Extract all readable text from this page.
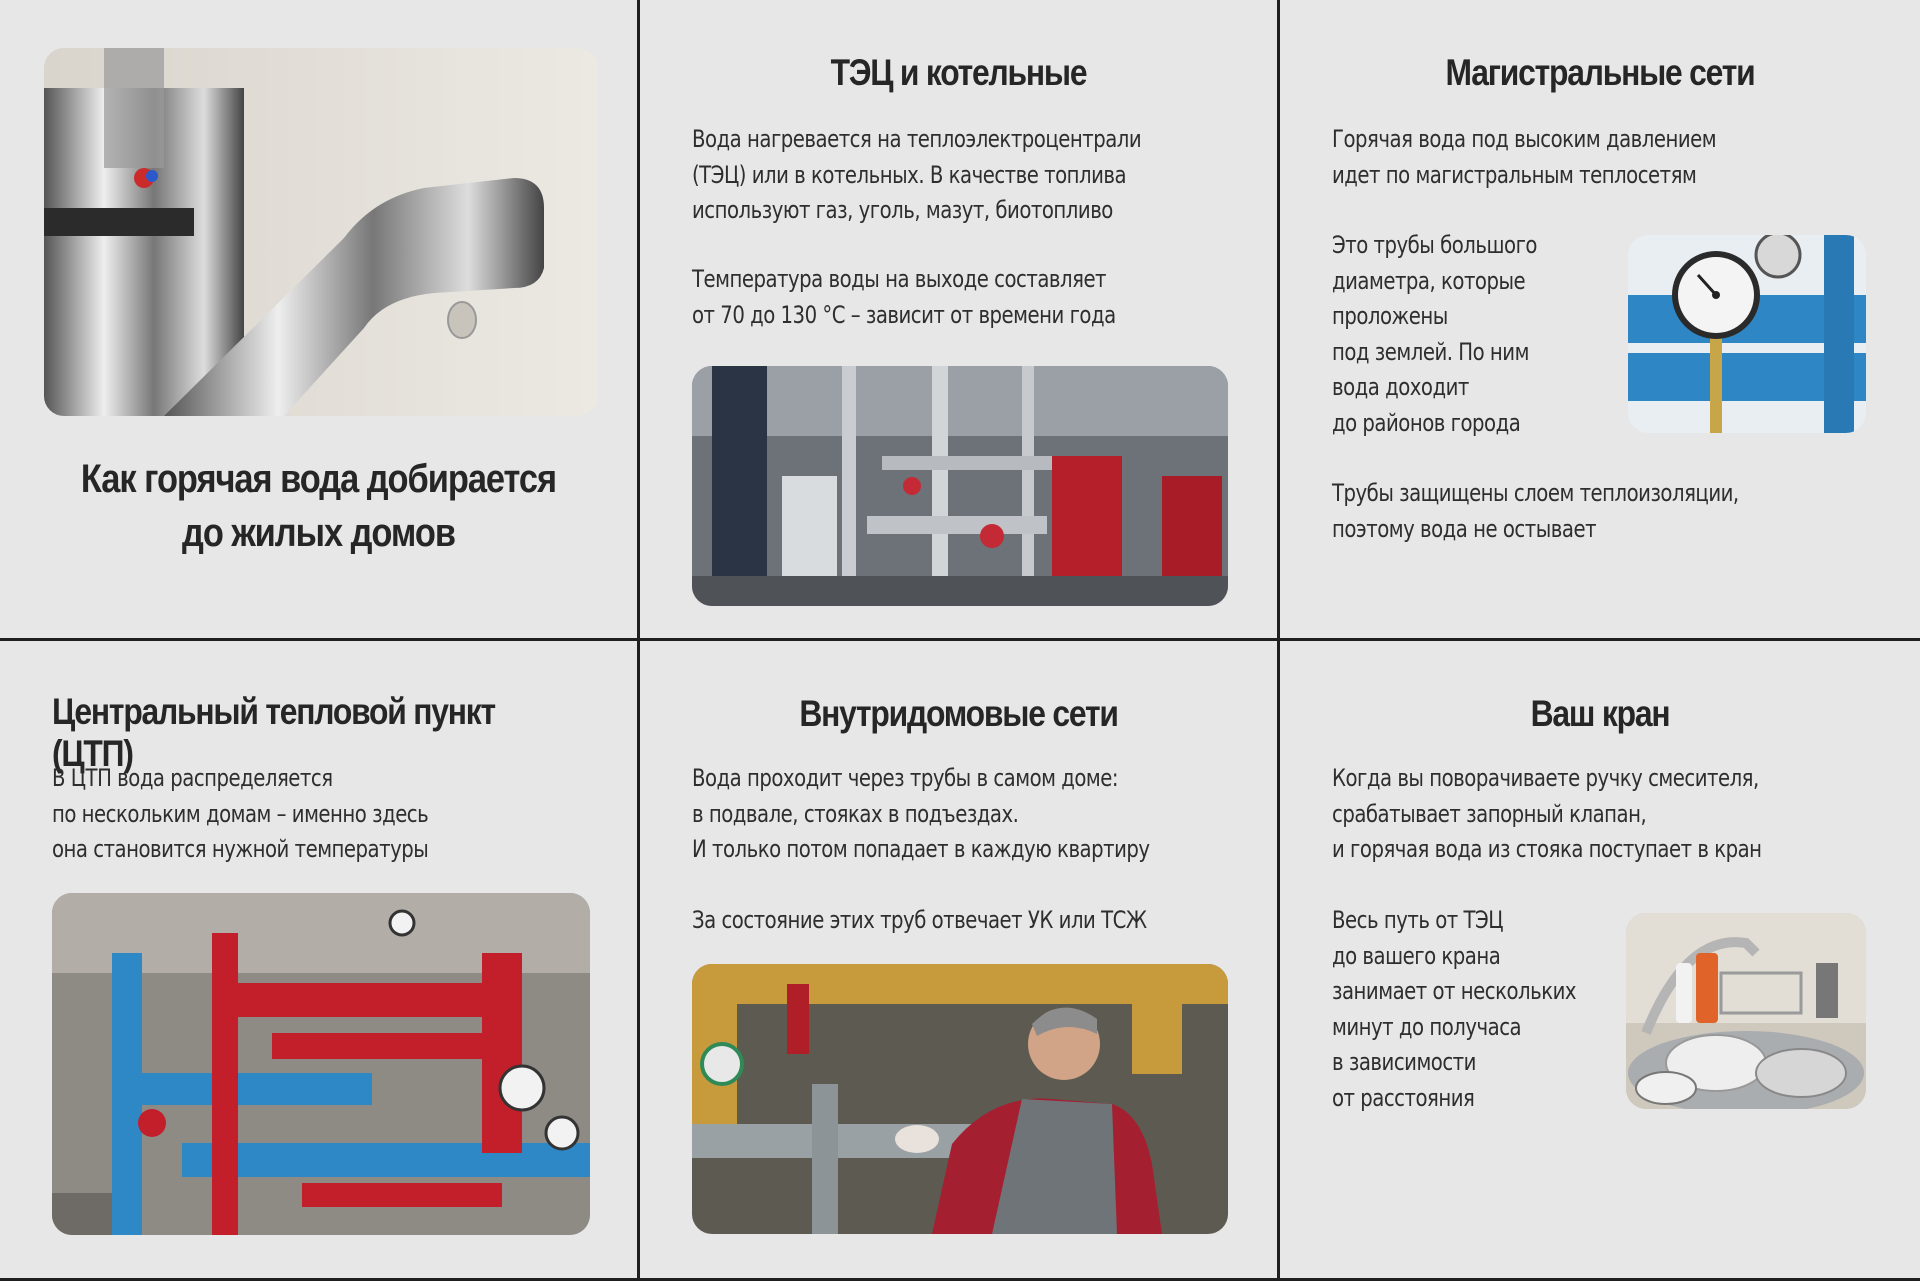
Как горячая вода добирается
до жилых домов
ТЭЦ и котельные
Вода нагревается на теплоэлектроцентрали
(ТЭЦ) или в котельных. В качестве топлива
используют газ, уголь, мазут, биотопливо
Температура воды на выходе составляет
от 70 до 130 °С – зависит от времени года
Магистральные сети
Горячая вода под высоким давлением
идет по магистральным теплосетям
Это трубы большого
диаметра, которые
проложены
под землей. По ним
вода доходит
до районов города
Трубы защищены слоем теплоизоляции,
поэтому вода не остывает
Центральный тепловой пункт (ЦТП)
В ЦТП вода распределяется
по нескольким домам – именно здесь
она становится нужной температуры
Внутридомовые сети
Вода проходит через трубы в самом доме:
в подвале, стояках в подъездах.
И только потом попадает в каждую квартиру
За состояние этих труб отвечает УК или ТСЖ
Ваш кран
Когда вы поворачиваете ручку смесителя,
срабатывает запорный клапан,
и горячая вода из стояка поступает в кран
Весь путь от ТЭЦ
до вашего крана
занимает от нескольких
минут до получаса
в зависимости
от расстояния
